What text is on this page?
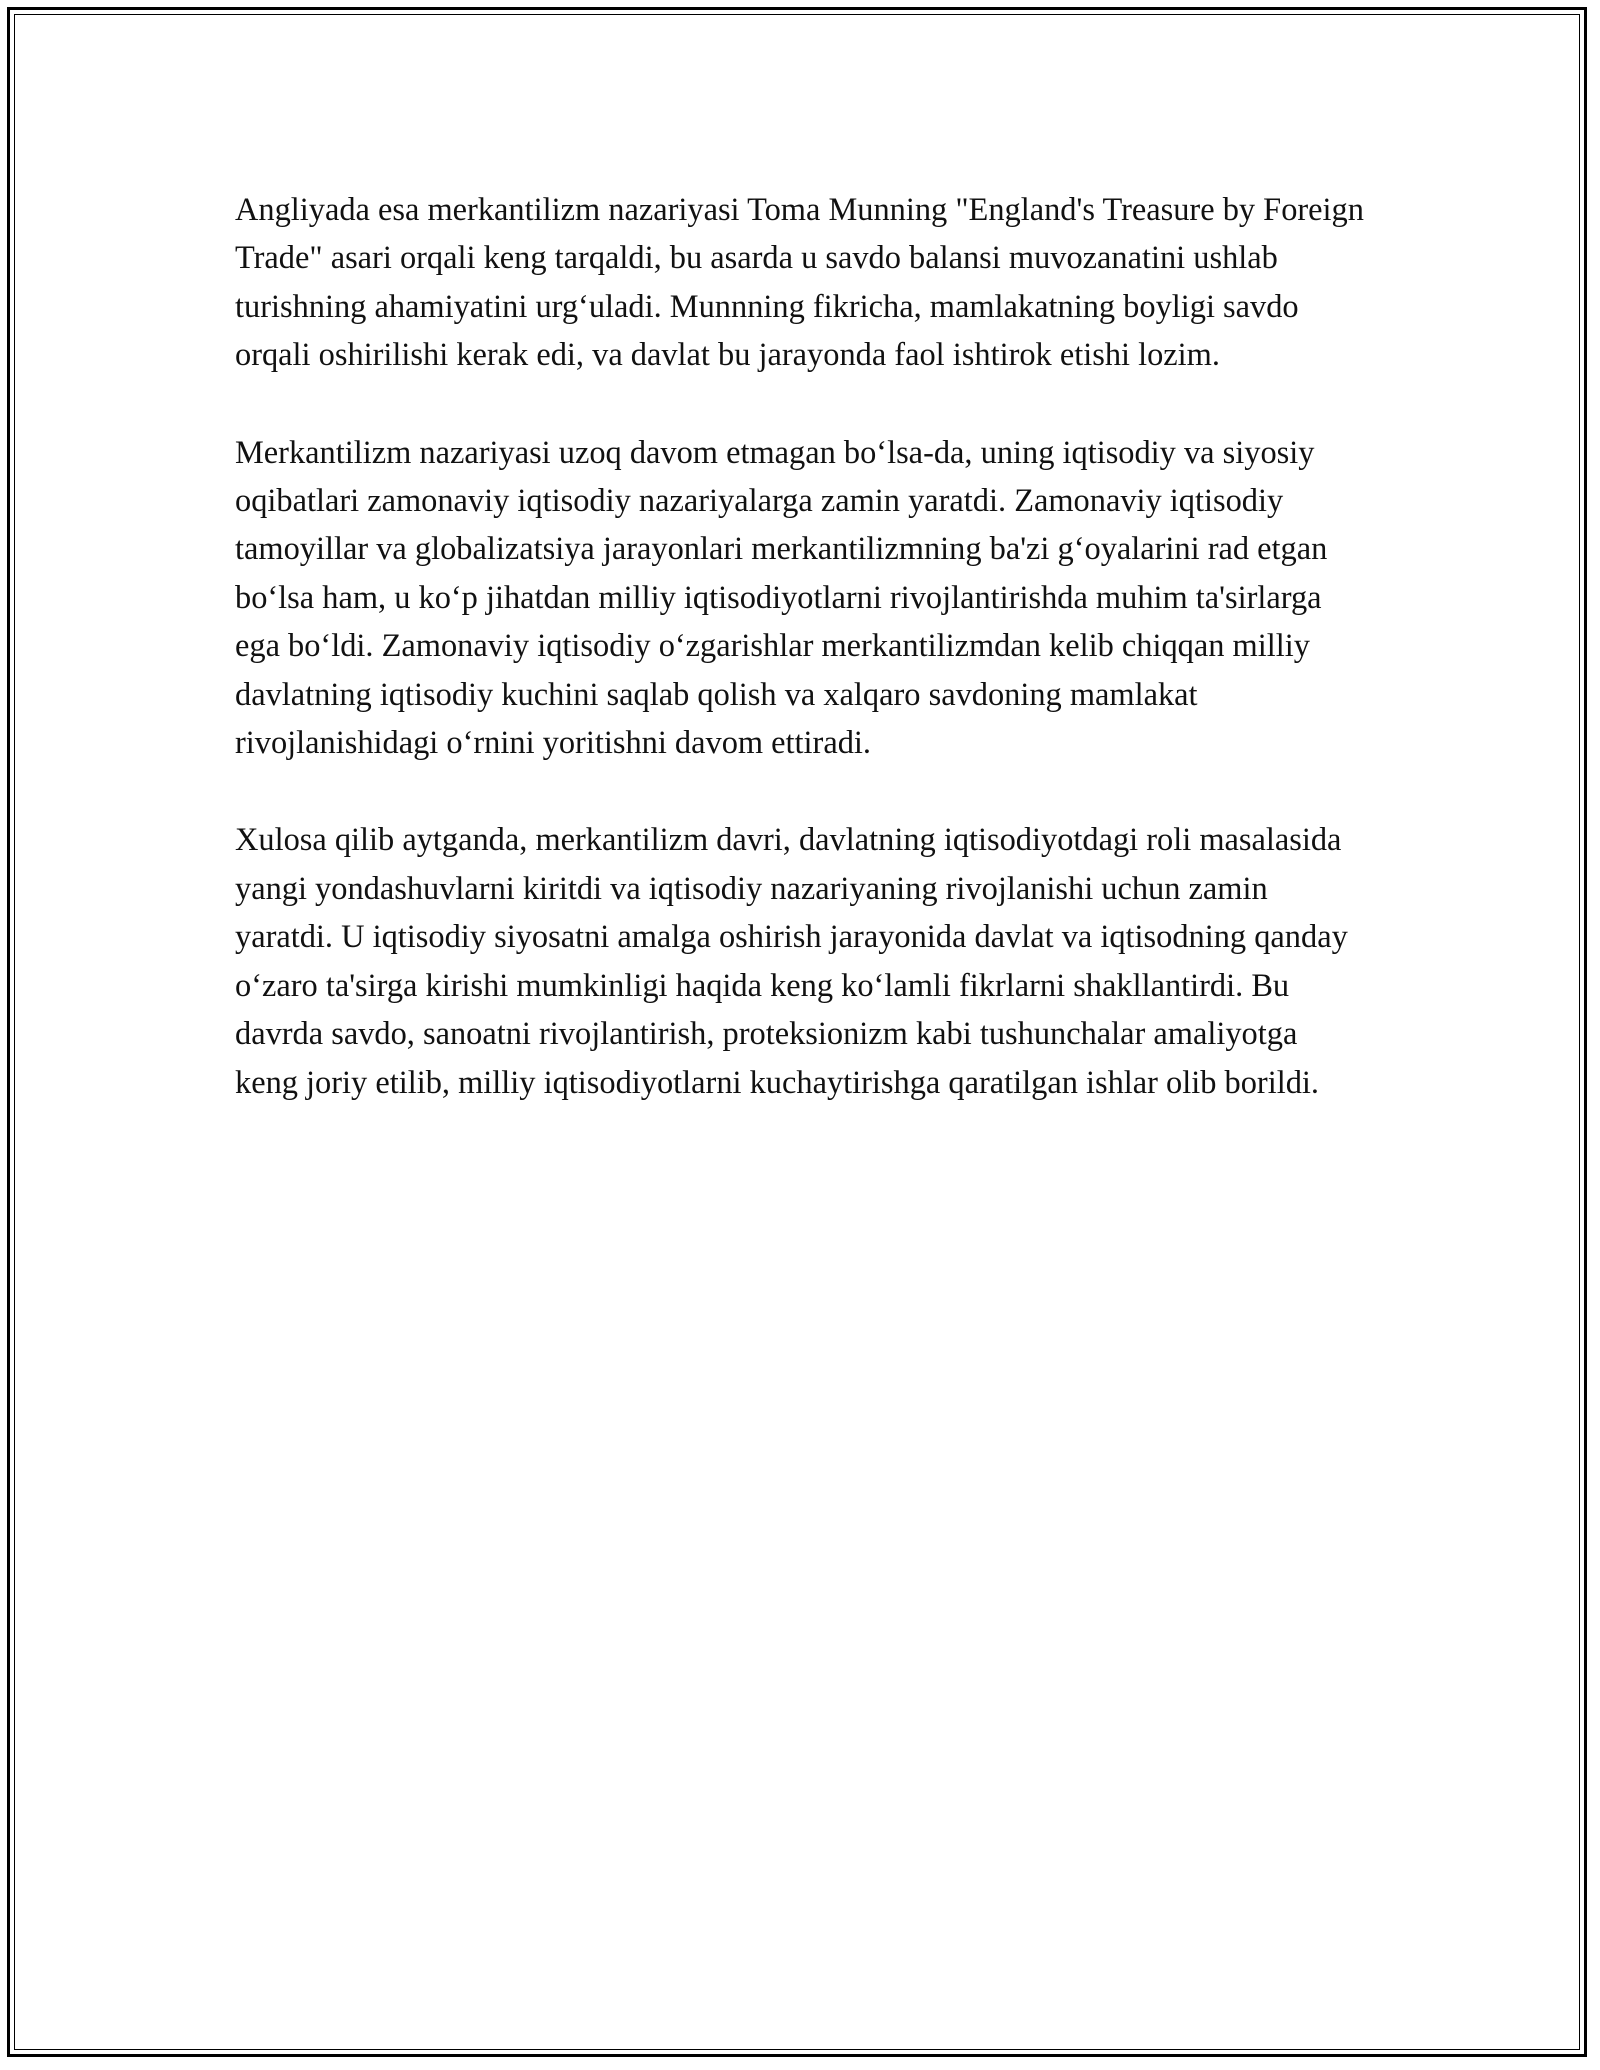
Angliyada esa merkantilizm nazariyasi Toma Munning "England's Treasure by Foreign Trade" asari orqali keng tarqaldi, bu asarda u savdo balansi muvozanatini ushlab turishning ahamiyatini urg‘uladi. Munnning fikricha, mamlakatning boyligi savdo orqali oshirilishi kerak edi, va davlat bu jarayonda faol ishtirok etishi lozim.

Merkantilizm nazariyasi uzoq davom etmagan bo‘lsa-da, uning iqtisodiy va siyosiy oqibatlari zamonaviy iqtisodiy nazariyalarga zamin yaratdi. Zamonaviy iqtisodiy tamoyillar va globalizatsiya jarayonlari merkantilizmning ba'zi g‘oyalarini rad etgan bo‘lsa ham, u ko‘p jihatdan milliy iqtisodiyotlarni rivojlantirishda muhim ta'sirlarga ega bo‘ldi. Zamonaviy iqtisodiy o‘zgarishlar merkantilizmdan kelib chiqqan milliy davlatning iqtisodiy kuchini saqlab qolish va xalqaro savdoning mamlakat rivojlanishidagi o‘rnini yoritishni davom ettiradi.

Xulosa qilib aytganda, merkantilizm davri, davlatning iqtisodiyotdagi roli masalasida yangi yondashuvlarni kiritdi va iqtisodiy nazariyaning rivojlanishi uchun zamin yaratdi. U iqtisodiy siyosatni amalga oshirish jarayonida davlat va iqtisodning qanday o‘zaro ta'sirga kirishi mumkinligi haqida keng ko‘lamli fikrlarni shakllantirdi. Bu davrda savdo, sanoatni rivojlantirish, proteksionizm kabi tushunchalar amaliyotga keng joriy etilib, milliy iqtisodiyotlarni kuchaytirishga qaratilgan ishlar olib borildi.
